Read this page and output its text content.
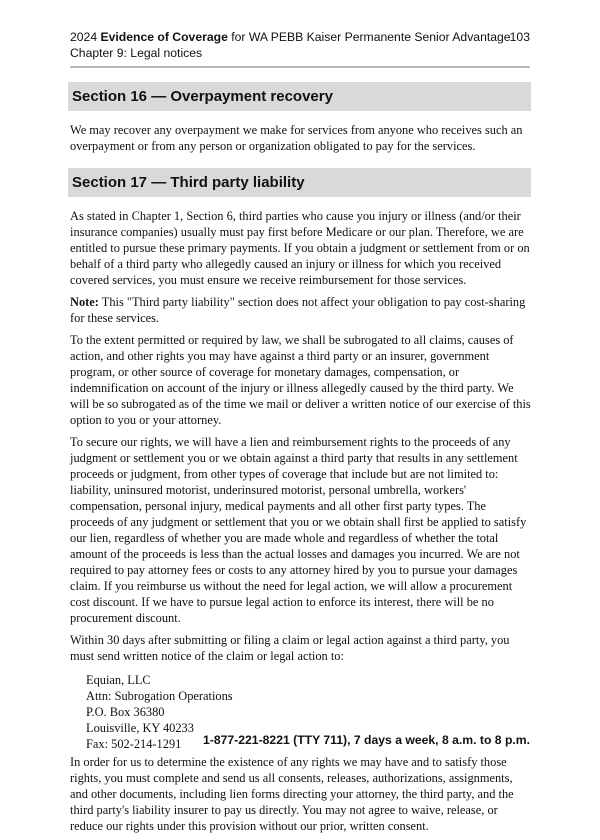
2024 Evidence of Coverage for WA PEBB Kaiser Permanente Senior Advantage
Chapter 9: Legal notices
103
Section 16 — Overpayment recovery

We may recover any overpayment we make for services from anyone who receives such an overpayment or from any person or organization obligated to pay for the services.

Section 17 — Third party liability

As stated in Chapter 1, Section 6, third parties who cause you injury or illness (and/or their insurance companies) usually must pay first before Medicare or our plan. Therefore, we are entitled to pursue these primary payments. If you obtain a judgment or settlement from or on behalf of a third party who allegedly caused an injury or illness for which you received covered services, you must ensure we receive reimbursement for those services.

Note: This "Third party liability" section does not affect your obligation to pay cost-sharing for these services.

To the extent permitted or required by law, we shall be subrogated to all claims, causes of action, and other rights you may have against a third party or an insurer, government program, or other source of coverage for monetary damages, compensation, or indemnification on account of the injury or illness allegedly caused by the third party. We will be so subrogated as of the time we mail or deliver a written notice of our exercise of this option to you or your attorney.

To secure our rights, we will have a lien and reimbursement rights to the proceeds of any judgment or settlement you or we obtain against a third party that results in any settlement proceeds or judgment, from other types of coverage that include but are not limited to: liability, uninsured motorist, underinsured motorist, personal umbrella, workers' compensation, personal injury, medical payments and all other first party types. The proceeds of any judgment or settlement that you or we obtain shall first be applied to satisfy our lien, regardless of whether you are made whole and regardless of whether the total amount of the proceeds is less than the actual losses and damages you incurred. We are not required to pay attorney fees or costs to any attorney hired by you to pursue your damages claim. If you reimburse us without the need for legal action, we will allow a procurement cost discount. If we have to pursue legal action to enforce its interest, there will be no procurement discount.

Within 30 days after submitting or filing a claim or legal action against a third party, you must send written notice of the claim or legal action to:

Equian, LLC
Attn: Subrogation Operations
P.O. Box 36380
Louisville, KY 40233
Fax: 502-214-1291

In order for us to determine the existence of any rights we may have and to satisfy those rights, you must complete and send us all consents, releases, authorizations, assignments, and other documents, including lien forms directing your attorney, the third party, and the third party's liability insurer to pay us directly. You may not agree to waive, release, or reduce our rights under this provision without our prior, written consent.

1-877-221-8221 (TTY 711), 7 days a week, 8 a.m. to 8 p.m.
